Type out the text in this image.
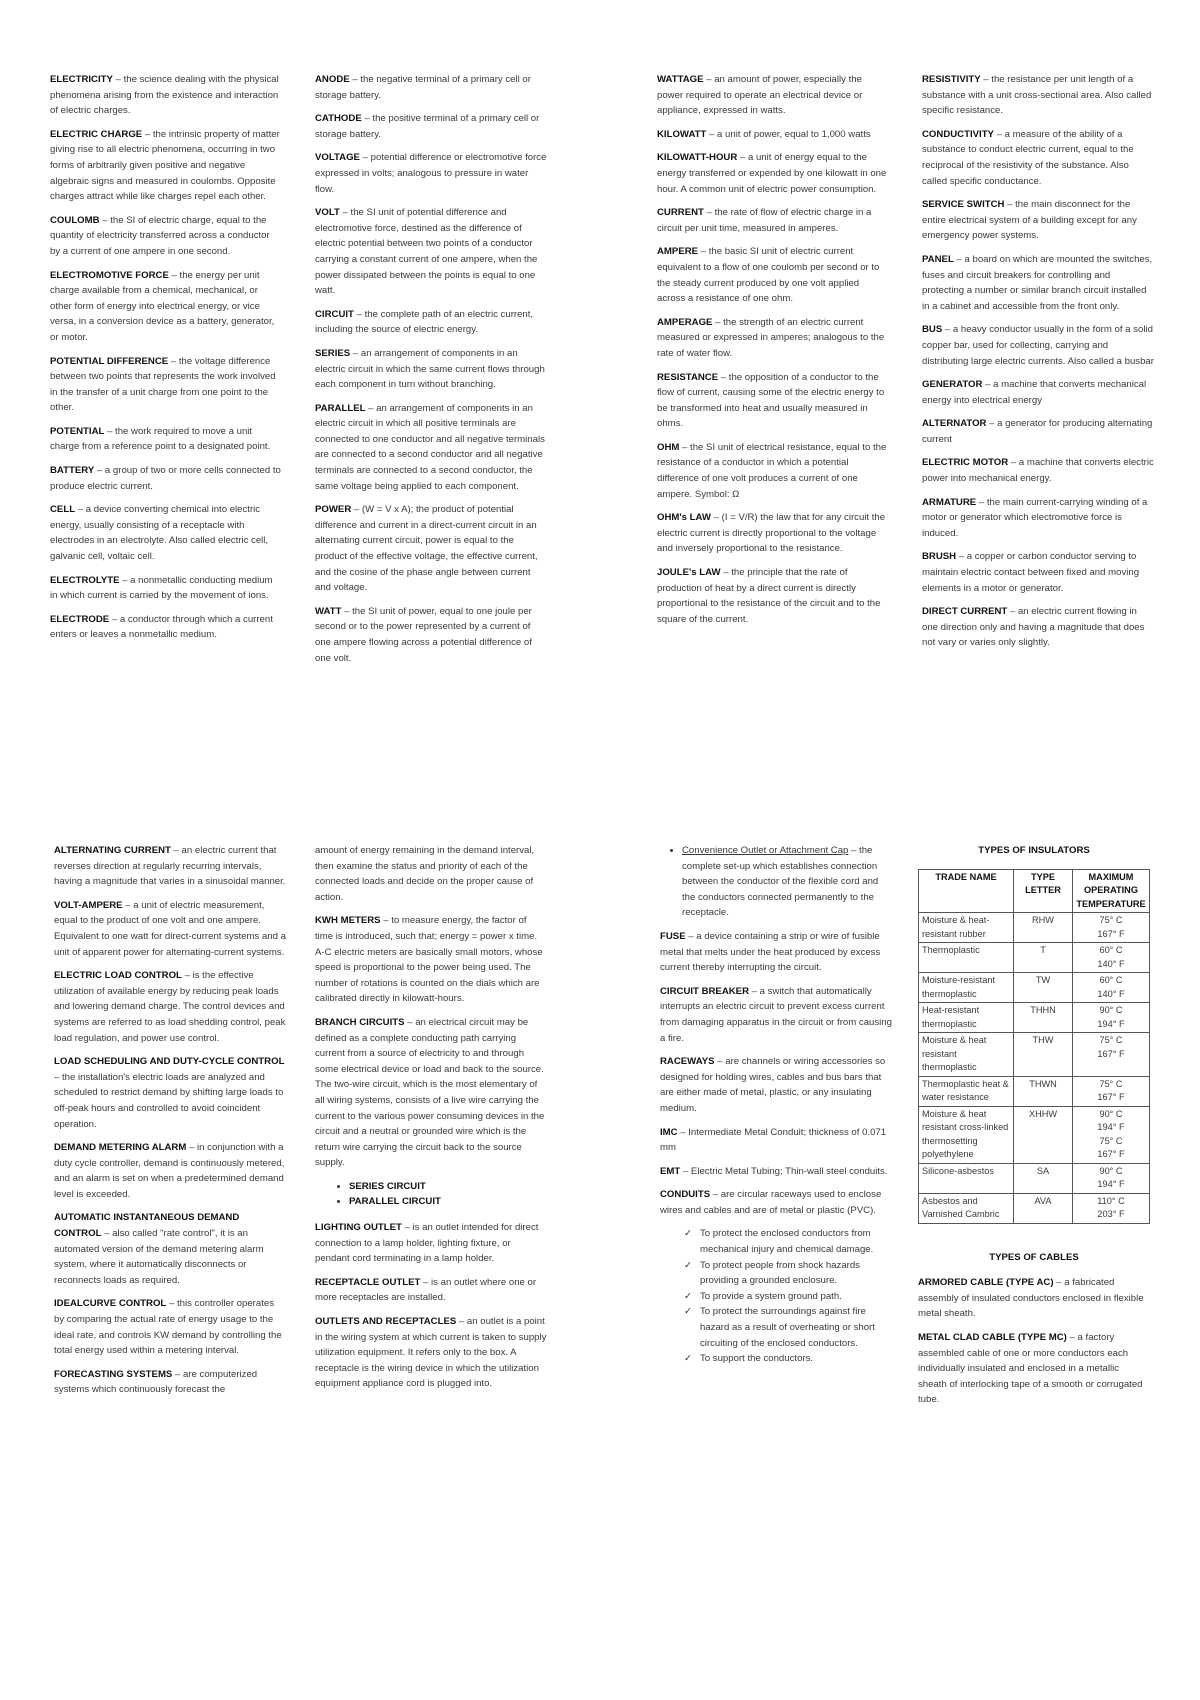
ELECTRICITY – the science dealing with the physical phenomena arising from the existence and interaction of electric charges.

ELECTRIC CHARGE – the intrinsic property of matter giving rise to all electric phenomena, occurring in two forms of arbitrarily given positive and negative algebraic signs and measured in coulombs. Opposite charges attract while like charges repel each other.

COULOMB – the SI of electric charge, equal to the quantity of electricity transferred across a conductor by a current of one ampere in one second.

ELECTROMOTIVE FORCE – the energy per unit charge available from a chemical, mechanical, or other form of energy into electrical energy, or vice versa, in a conversion device as a battery, generator, or motor.

POTENTIAL DIFFERENCE – the voltage difference between two points that represents the work involved in the transfer of a unit charge from one point to the other.

POTENTIAL – the work required to move a unit charge from a reference point to a designated point.

BATTERY – a group of two or more cells connected to produce electric current.

CELL – a device converting chemical into electric energy, usually consisting of a receptacle with electrodes in an electrolyte. Also called electric cell, galvanic cell, voltaic cell.

ELECTROLYTE – a nonmetallic conducting medium in which current is carried by the movement of ions.

ELECTRODE – a conductor through which a current enters or leaves a nonmetallic medium.

ANODE – the negative terminal of a primary cell or storage battery.

CATHODE – the positive terminal of a primary cell or storage battery.

VOLTAGE – potential difference or electromotive force expressed in volts; analogous to pressure in water flow.

VOLT – the SI unit of potential difference and electromotive force, destined as the difference of electric potential between two points of a conductor carrying a constant current of one ampere, when the power dissipated between the points is equal to one watt.

CIRCUIT – the complete path of an electric current, including the source of electric energy.

SERIES – an arrangement of components in an electric circuit in which the same current flows through each component in turn without branching.

PARALLEL – an arrangement of components in an electric circuit in which all positive terminals are connected to one conductor and all negative terminals are connected to a second conductor and all negative terminals are connected to a second conductor, the same voltage being applied to each component.

POWER – (W = V x A); the product of potential difference and current in a direct-current circuit in an alternating current circuit, power is equal to the product of the effective voltage, the effective current, and the cosine of the phase angle between current and voltage.

WATT – the SI unit of power, equal to one joule per second or to the power represented by a current of one ampere flowing across a potential difference of one volt.

WATTAGE – an amount of power, especially the power required to operate an electrical device or appliance, expressed in watts.

KILOWATT – a unit of power, equal to 1,000 watts

KILOWATT-HOUR – a unit of energy equal to the energy transferred or expended by one kilowatt in one hour. A common unit of electric power consumption.

CURRENT – the rate of flow of electric charge in a circuit per unit time, measured in amperes.

AMPERE – the basic SI unit of electric current equivalent to a flow of one coulomb per second or to the steady current produced by one volt applied across a resistance of one ohm.

AMPERAGE – the strength of an electric current measured or expressed in amperes; analogous to the rate of water flow.

RESISTANCE – the opposition of a conductor to the flow of current, causing some of the electric energy to be transformed into heat and usually measured in ohms.

OHM – the SI unit of electrical resistance, equal to the resistance of a conductor in which a potential difference of one volt produces a current of one ampere. Symbol: Ω

OHM's LAW – (I = V/R) the law that for any circuit the electric current is directly proportional to the voltage and inversely proportional to the resistance.

JOULE's LAW – the principle that the rate of production of heat by a direct current is directly proportional to the resistance of the circuit and to the square of the current.

RESISTIVITY – the resistance per unit length of a substance with a unit cross-sectional area. Also called specific resistance.

CONDUCTIVITY – a measure of the ability of a substance to conduct electric current, equal to the reciprocal of the resistivity of the substance. Also called specific conductance.

SERVICE SWITCH – the main disconnect for the entire electrical system of a building except for any emergency power systems.

PANEL – a board on which are mounted the switches, fuses and circuit breakers for controlling and protecting a number or similar branch circuit installed in a cabinet and accessible from the front only.

BUS – a heavy conductor usually in the form of a solid copper bar, used for collecting, carrying and distributing large electric currents. Also called a busbar

GENERATOR – a machine that converts mechanical energy into electrical energy

ALTERNATOR – a generator for producing alternating current

ELECTRIC MOTOR – a machine that converts electric power into mechanical energy.

ARMATURE – the main current-carrying winding of a motor or generator which electromotive force is induced.

BRUSH – a copper or carbon conductor serving to maintain electric contact between fixed and moving elements in a motor or generator.

DIRECT CURRENT – an electric current flowing in one direction only and having a magnitude that does not vary or varies only slightly.

ALTERNATING CURRENT – an electric current that reverses direction at regularly recurring intervals, having a magnitude that varies in a sinusoidal manner.

VOLT-AMPERE – a unit of electric measurement, equal to the product of one volt and one ampere. Equivalent to one watt for direct-current systems and a unit of apparent power for alternating-current systems.

ELECTRIC LOAD CONTROL – is the effective utilization of available energy by reducing peak loads and lowering demand charge. The control devices and systems are referred to as load shedding control, peak load regulation, and power use control.

LOAD SCHEDULING AND DUTY-CYCLE CONTROL – the installation's electric loads are analyzed and scheduled to restrict demand by shifting large loads to off-peak hours and controlled to avoid coincident operation.

DEMAND METERING ALARM – in conjunction with a duty cycle controller, demand is continuously metered, and an alarm is set on when a predetermined demand level is exceeded.

AUTOMATIC INSTANTANEOUS DEMAND CONTROL – also called "rate control", it is an automated version of the demand metering alarm system, where it automatically disconnects or reconnects loads as required.

IDEALCURVE CONTROL – this controller operates by comparing the actual rate of energy usage to the ideal rate, and controls KW demand by controlling the total energy used within a metering interval.

FORECASTING SYSTEMS – are computerized systems which continuously forecast the

amount of energy remaining in the demand interval, then examine the status and priority of each of the connected loads and decide on the proper cause of action.

KWH METERS – to measure energy, the factor of time is introduced, such that; energy = power x time. A-C electric meters are basically small motors, whose speed is proportional to the power being used. The number of rotations is counted on the dials which are calibrated directly in kilowatt-hours.

BRANCH CIRCUITS – an electrical circuit may be defined as a complete conducting path carrying current from a source of electricity to and through some electrical device or load and back to the source. The two-wire circuit, which is the most elementary of all wiring systems, consists of a live wire carrying the current to the various power consuming devices in the circuit and a neutral or grounded wire which is the return wire carrying the circuit back to the source supply.

• SERIES CIRCUIT
• PARALLEL CIRCUIT

LIGHTING OUTLET – is an outlet intended for direct connection to a lamp holder, lighting fixture, or pendant cord terminating in a lamp holder.

RECEPTACLE OUTLET – is an outlet where one or more receptacles are installed.

OUTLETS AND RECEPTACLES – an outlet is a point in the wiring system at which current is taken to supply utilization equipment. It refers only to the box. A receptacle is the wiring device in which the utilization equipment appliance cord is plugged into.

• Convenience Outlet or Attachment Cap – the complete set-up which establishes connection between the conductor of the flexible cord and the conductors connected permanently to the receptacle.

FUSE – a device containing a strip or wire of fusible metal that melts under the heat produced by excess current thereby interrupting the circuit.

CIRCUIT BREAKER – a switch that automatically interrupts an electric circuit to prevent excess current from damaging apparatus in the circuit or from causing a fire.

RACEWAYS – are channels or wiring accessories so designed for holding wires, cables and bus bars that are either made of metal, plastic, or any insulating medium.

IMC – Intermediate Metal Conduit; thickness of 0.071 mm

EMT – Electric Metal Tubing; Thin-wall steel conduits.

CONDUITS – are circular raceways used to enclose wires and cables and are of metal or plastic (PVC).

✓ To protect the enclosed conductors from mechanical injury and chemical damage.
✓ To protect people from shock hazards providing a grounded enclosure.
✓ To provide a system ground path.
✓ To protect the surroundings against fire hazard as a result of overheating or short circuiting of the enclosed conductors.
✓ To support the conductors.
TYPES OF INSULATORS
TRADE NAME	TYPE LETTER	MAXIMUM OPERATING TEMPERATURE
Moisture & heat-resistant rubber	RHW	75° C
167° F
Thermoplastic	T	60° C
140° F
Moisture-resistant thermoplastic	TW	60° C
140° F
Heat-resistant thermoplastic	THHN	90° C
194° F
Moisture & heat resistant thermoplastic	THW	75° C
167° F
Thermoplastic heat & water resistance	THWN	75° C
167° F
Moisture & heat resistant cross-linked thermosetting polyethylene	XHHW	90° C
194° F
75° C
167° F
Silicone-asbestos	SA	90° C
194° F
Asbestos and Varnished Cambric	AVA	110° C
203° F
TYPES OF CABLES

ARMORED CABLE (TYPE AC) – a fabricated assembly of insulated conductors enclosed in flexible metal sheath.

METAL CLAD CABLE (TYPE MC) – a factory assembled cable of one or more conductors each individually insulated and enclosed in a metallic sheath of interlocking tape of a smooth or corrugated tube.
